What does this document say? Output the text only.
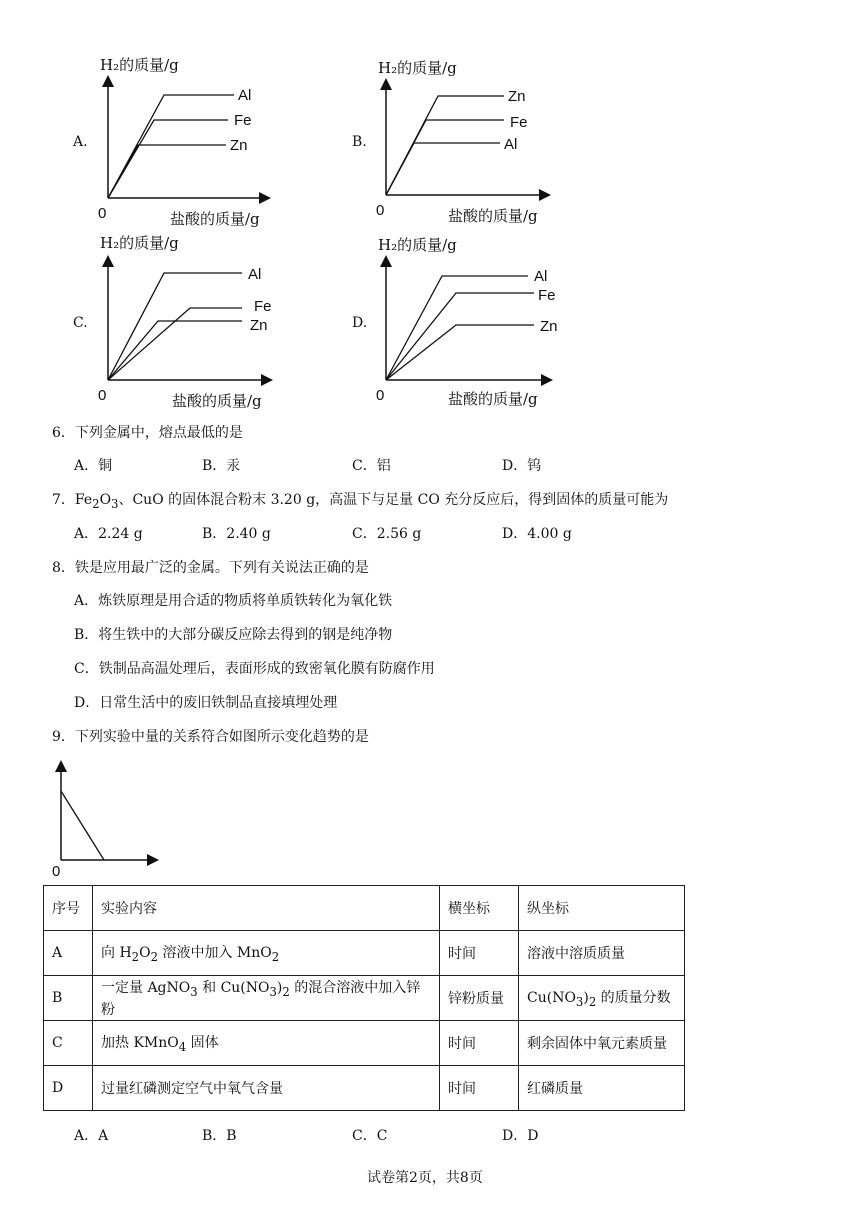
A.
H₂的质量/g
0	盐酸的质量/g
Al
Fe
Zn	B.
H₂的质量/g
0	盐酸的质量/g
Zn
Fe
Al
C.
H₂的质量/g
0	盐酸的质量/g
Al
Fe
Zn	D.
H₂的质量/g
0	盐酸的质量/g
Al
Fe
Zn
6．下列金属中，熔点最低的是
A．铜	B．汞	C．铝	D．钨
7．$Fe_2O_3$、CuO 的固体混合粉末 3.20 g，高温下与足量 CO 充分反应后，得到固体的质量可能为
A．2.24 g	B．2.40 g	C．2.56 g	D．4.00 g
8．铁是应用最广泛的金属。下列有关说法正确的是
A．炼铁原理是用合适的物质将单质铁转化为氧化铁
B．将生铁中的大部分碳反应除去得到的钢是纯净物
C．铁制品高温处理后，表面形成的致密氧化膜有防腐作用
D．日常生活中的废旧铁制品直接填埋处理
9．下列实验中量的关系符合如图所示变化趋势的是
0
序号	实验内容	横坐标	纵坐标
A	向 $H_2O_2$ 溶液中加入 MnO$_2$	时间	溶液中溶质质量
B	一定量 AgNO$_3$ 和 $Cu(NO_3)_2$ 的混合溶液中加入锌粉	锌粉质量	$Cu(NO_3)_2$ 的质量分数
C	加热 KMnO$_4$ 固体	时间	剩余固体中氧元素质量
D	过量红磷测定空气中氧气含量	时间	红磷质量
A．A	B．B	C．C	D．D
试卷第2页，共8页
